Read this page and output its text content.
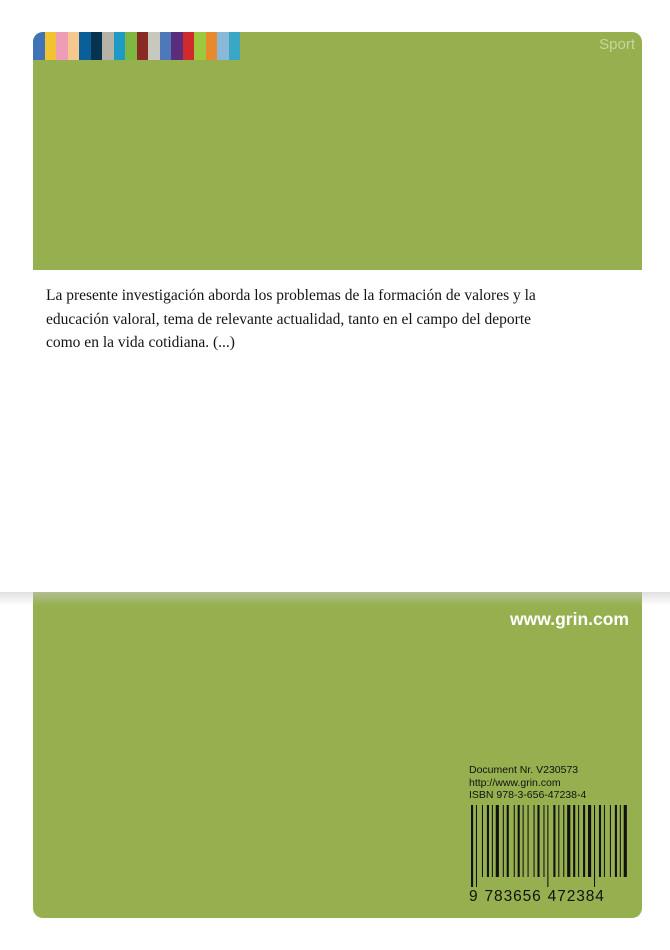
Sport

La presente investigación aborda los problemas de la formación de valores y la educación valoral, tema de relevante actualidad, tanto en el campo del deporte como en la vida cotidiana. (...)

www.grin.com
Document Nr. V230573
http://www.grin.com
ISBN 978-3-656-47238-4
9 783656 472384
